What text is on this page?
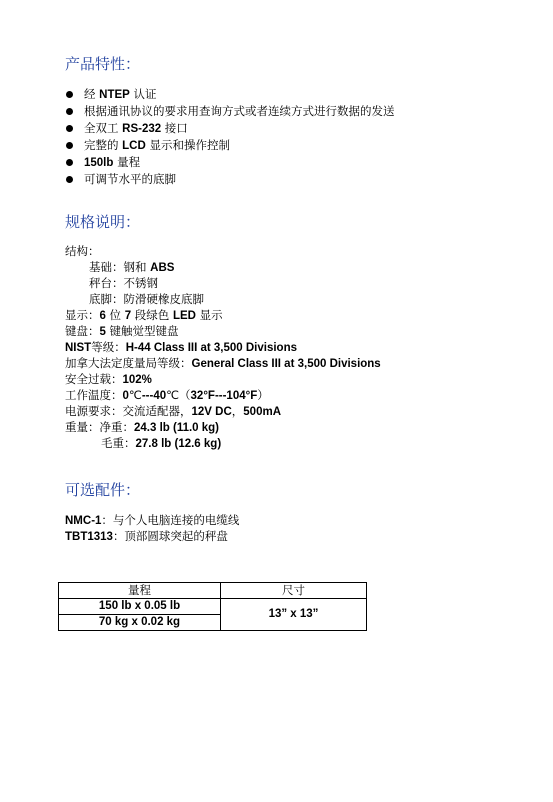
产品特性：
经 NTEP 认证
根据通讯协议的要求用查询方式或者连续方式进行数据的发送
全双工 RS-232 接口
完整的 LCD 显示和操作控制
150lb 量程
可调节水平的底脚
规格说明：
结构：
基础：钢和 ABS
秤台：不锈钢
底脚：防滑硬橡皮底脚
显示：6 位 7 段绿色 LED 显示
键盘：5 键触觉型键盘
NIST等级：H-44 Class III at 3,500 Divisions
加拿大法定度量局等级：General Class III at 3,500 Divisions
安全过载：102%
工作温度：0℃---40℃（32°F---104°F）
电源要求：交流适配器，12V DC，500mA
重量：净重：24.3 lb (11.0 kg)
毛重：27.8 lb (12.6 kg)
可选配件：
NMC-1：与个人电脑连接的电缆线
TBT1313：顶部圆球突起的秤盘
量程	尺寸
150 lb x 0.05 lb	13” x 13”
70 kg x 0.02 kg	
